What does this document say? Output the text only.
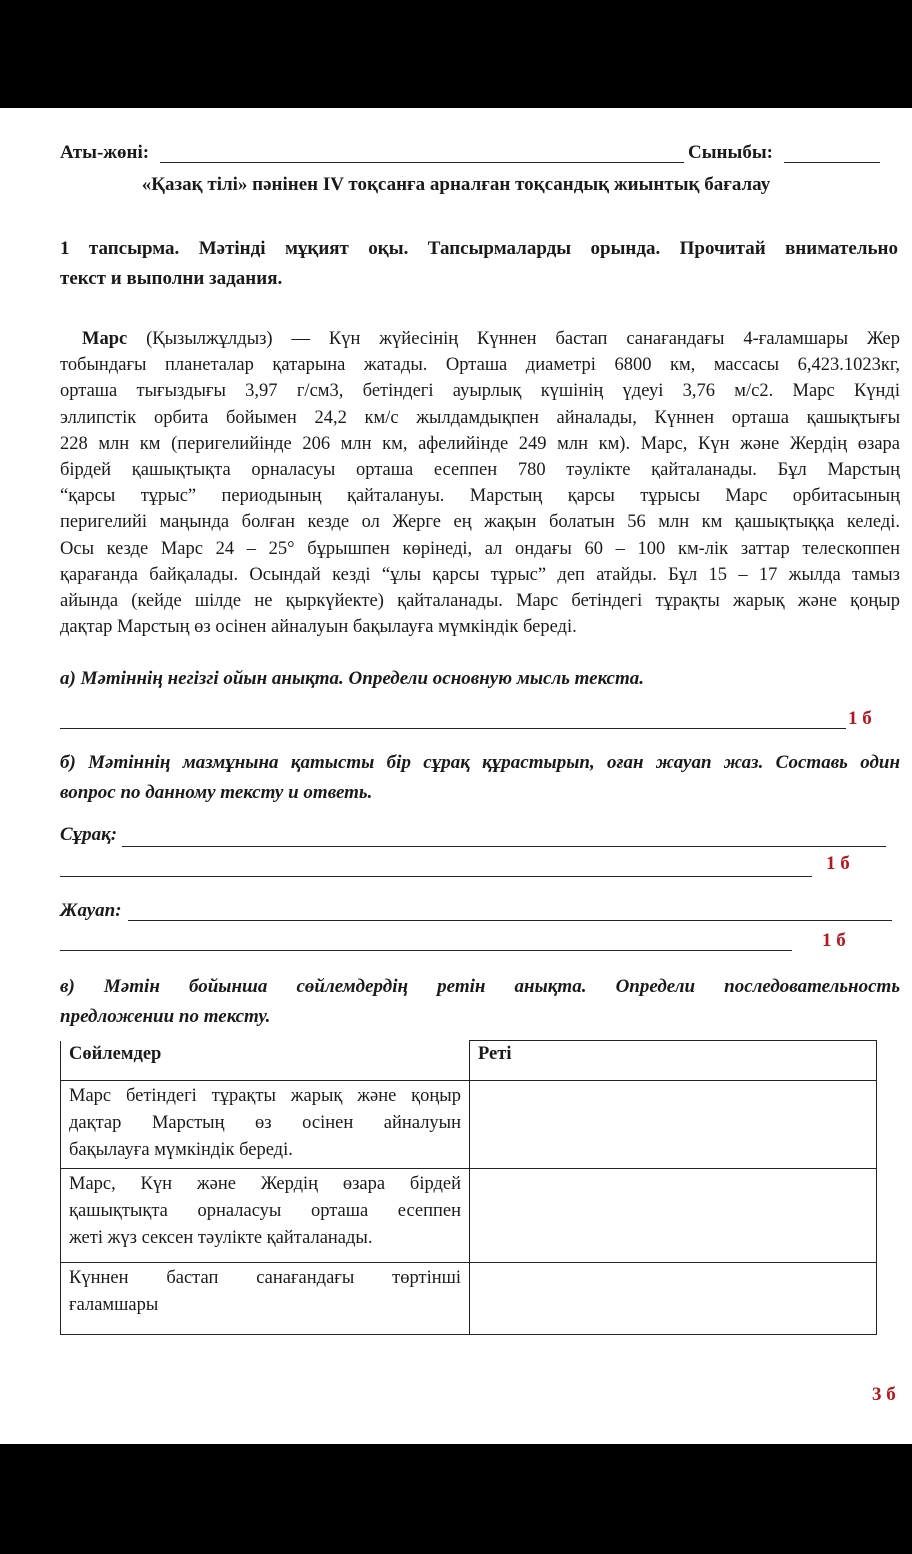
Аты-жөні:	Сыныбы:
«Қазақ тілі» пәнінен IV тоқсанға арналған тоқсандық жиынтық бағалау
1 тапсырма. Мәтінді мұқият оқы. Тапсырмаларды орында. Прочитай внимательно
текст и выполни задания.
Марс (Қызылжұлдыз) — Күн жүйесінің Күннен бастап санағандағы 4-ғаламшары Жер
тобындағы планеталар қатарына жатады. Орташа диаметрі 6800 км, массасы 6,423.1023кг,
орташа тығыздығы 3,97 г/см3, бетіндегі ауырлық күшінің үдеуі 3,76 м/с2. Марс Күнді
эллипстік орбита бойымен 24,2 км/с жылдамдықпен айналады, Күннен орташа қашықтығы
228 млн км (перигелийінде 206 млн км, афелийінде 249 млн км). Марс, Күн және Жердің өзара
бірдей қашықтықта орналасуы орташа есеппен 780 тәулікте қайталанады. Бұл Марстың
“қарсы тұрыс” периодының қайталануы. Марстың қарсы тұрысы Марс орбитасының
перигелийі маңында болған кезде ол Жерге ең жақын болатын 56 млн км қашықтыққа келеді.
Осы кезде Марс 24 – 25° бұрышпен көрінеді, ал ондағы 60 – 100 км-лік заттар телескоппен
қарағанда байқалады. Осындай кезді “ұлы қарсы тұрыс” деп атайды. Бұл 15 – 17 жылда тамыз
айында (кейде шілде не қыркүйекте) қайталанады. Марс бетіндегі тұрақты жарық және қоңыр
дақтар Марстың өз осінен айналуын бақылауға мүмкіндік береді.
а) Мәтіннің негізгі ойын анықта. Определи основную мысль текста.
1 б
б) Мәтіннің мазмұнына қатысты бір сұрақ құрастырып, оған жауап жаз. Составь один
вопрос по данному тексту и ответь.
Сұрақ:
1 б
Жауап:
1 б
в) Мәтін бойынша сөйлемдердің ретін анықта. Определи последовательность
предложении по тексту.
Сөйлемдер	Реті

Марс бетіндегі тұрақты жарық және қоңыр
дақтар Марстың өз осінен айналуын
бақылауға мүмкіндік береді.	

Марс, Күн және Жердің өзара бірдей
қашықтықта орналасуы орташа есеппен
жеті жүз сексен тәулікте қайталанады.	

Күннен бастап санағандағы төртінші
ғаламшары	

3 б
